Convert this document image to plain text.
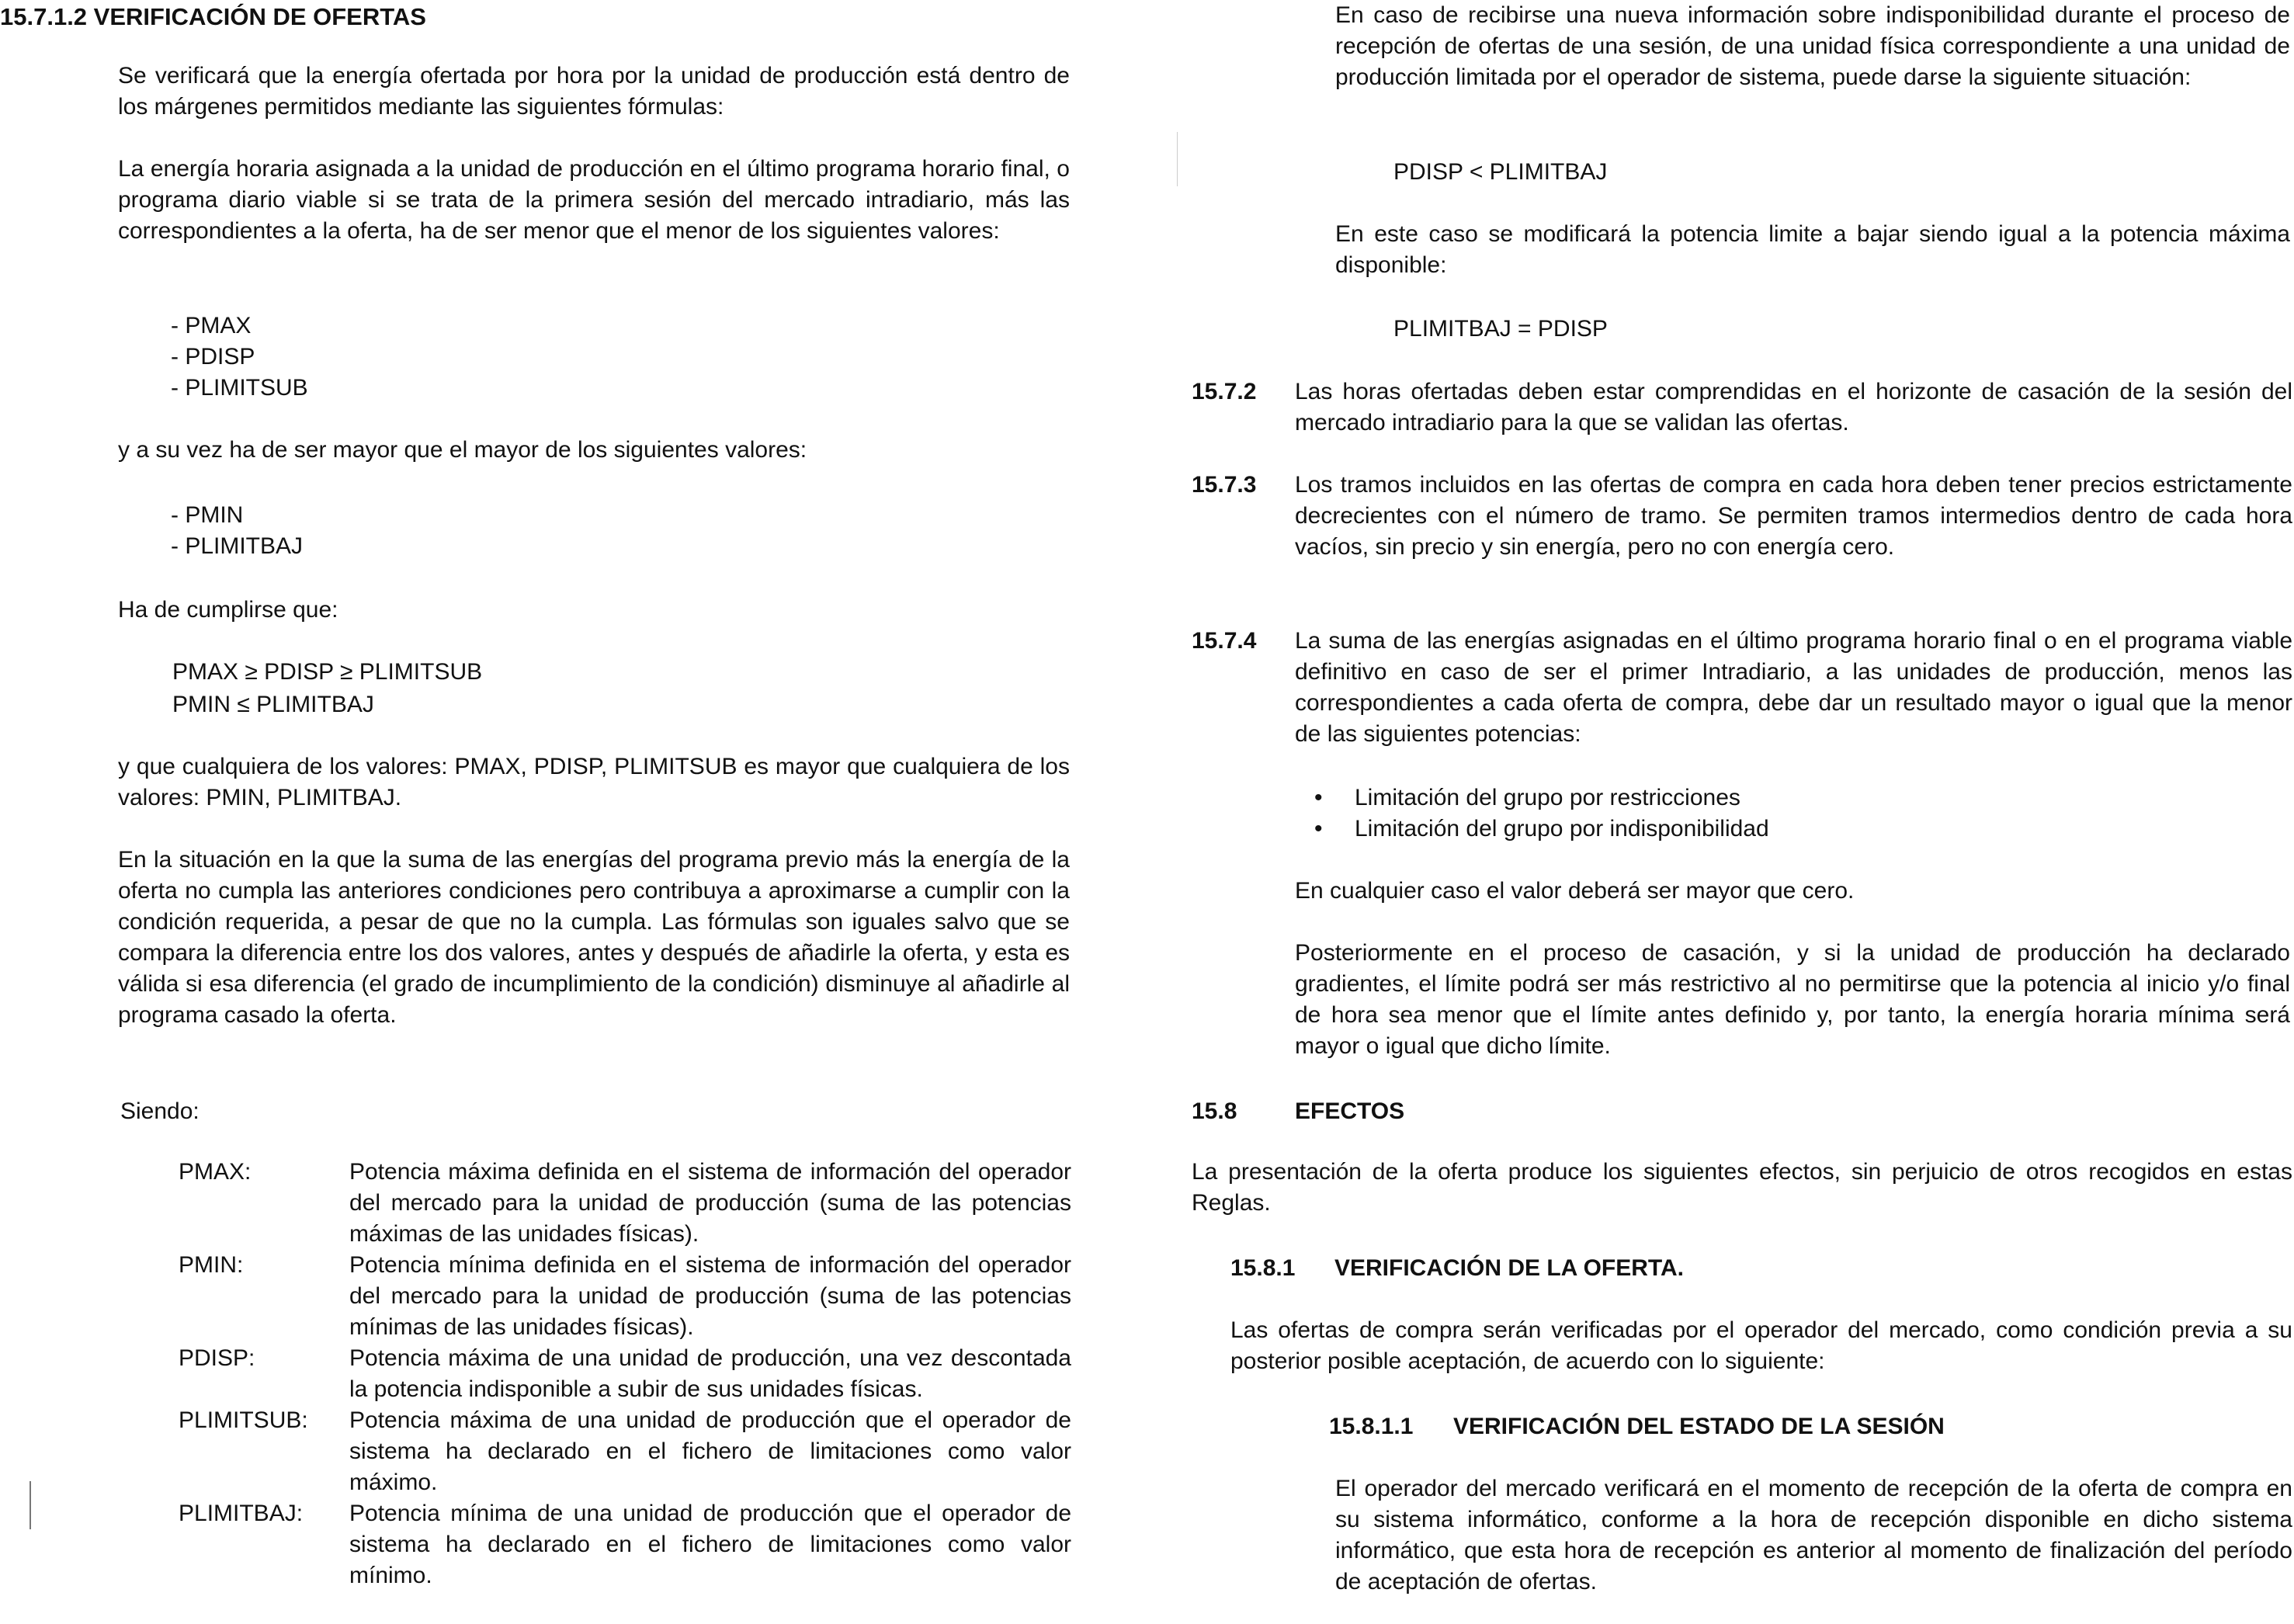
15.7.1.2 VERIFICACIÓN DE OFERTAS

Se verificará que la energía ofertada por hora por la unidad de producción está dentro de los márgenes permitidos mediante las siguientes fórmulas:

La energía horaria asignada a la unidad de producción en el último programa horario final, o programa diario viable si se trata de la primera sesión del mercado intradiario, más las correspondientes a la oferta, ha de ser menor que el menor de los siguientes valores:

- PMAX
- PDISP
- PLIMITSUB

y a su vez ha de ser mayor que el mayor de los siguientes valores:

- PMIN
- PLIMITBAJ

Ha de cumplirse que:

PMAX ≥ PDISP ≥ PLIMITSUB
PMIN ≤ PLIMITBAJ

y que cualquiera de los valores: PMAX, PDISP, PLIMITSUB es mayor que cualquiera de los valores: PMIN, PLIMITBAJ.

En la situación en la que la suma de las energías del programa previo más la energía de la oferta no cumpla las anteriores condiciones pero contribuya a aproximarse a cumplir con la condición requerida, a pesar de que no la cumpla. Las fórmulas son iguales salvo que se compara la diferencia entre los dos valores, antes y después de añadirle la oferta, y esta es válida si esa diferencia (el grado de incumplimiento de la condición) disminuye al añadirle al programa casado la oferta.

Siendo:
PMAX:	Potencia máxima definida en el sistema de información del operador del mercado para la unidad de producción (suma de las potencias máximas de las unidades físicas).
PMIN:	Potencia mínima definida en el sistema de información del operador del mercado para la unidad de producción (suma de las potencias mínimas de las unidades físicas).
PDISP:	Potencia máxima de una unidad de producción, una vez descontada la potencia indisponible a subir de sus unidades físicas.
PLIMITSUB:	Potencia máxima de una unidad de producción que el operador de sistema ha declarado en el fichero de limitaciones como valor máximo.
PLIMITBAJ:	Potencia mínima de una unidad de producción que el operador de sistema ha declarado en el fichero de limitaciones como valor mínimo.

En caso de recibirse una nueva información sobre indisponibilidad durante el proceso de recepción de ofertas de una sesión, de una unidad física correspondiente a una unidad de producción limitada por el operador de sistema, puede darse la siguiente situación:

PDISP < PLIMITBAJ

En este caso se modificará la potencia limite a bajar siendo igual a la potencia máxima disponible:

PLIMITBAJ = PDISP
15.7.2 Las horas ofertadas deben estar comprendidas en el horizonte de casación de la sesión del mercado intradiario para la que se validan las ofertas.

15.7.3 Los tramos incluidos en las ofertas de compra en cada hora deben tener precios estrictamente decrecientes con el número de tramo. Se permiten tramos intermedios dentro de cada hora vacíos, sin precio y sin energía, pero no con energía cero.

15.7.4 La suma de las energías asignadas en el último programa horario final o en el programa viable definitivo en caso de ser el primer Intradiario, a las unidades de producción, menos las correspondientes a cada oferta de compra, debe dar un resultado mayor o igual que la menor de las siguientes potencias:

• Limitación del grupo por restricciones
• Limitación del grupo por indisponibilidad

En cualquier caso el valor deberá ser mayor que cero.

Posteriormente en el proceso de casación, y si la unidad de producción ha declarado gradientes, el límite podrá ser más restrictivo al no permitirse que la potencia al inicio y/o final de hora sea menor que el límite antes definido y, por tanto, la energía horaria mínima será mayor o igual que dicho límite.

15.8 EFECTOS

La presentación de la oferta produce los siguientes efectos, sin perjuicio de otros recogidos en estas Reglas.

15.8.1 VERIFICACIÓN DE LA OFERTA.

Las ofertas de compra serán verificadas por el operador del mercado, como condición previa a su posterior posible aceptación, de acuerdo con lo siguiente:

15.8.1.1 VERIFICACIÓN DEL ESTADO DE LA SESIÓN

El operador del mercado verificará en el momento de recepción de la oferta de compra en su sistema informático, conforme a la hora de recepción disponible en dicho sistema informático, que esta hora de recepción es anterior al momento de finalización del período de aceptación de ofertas.
